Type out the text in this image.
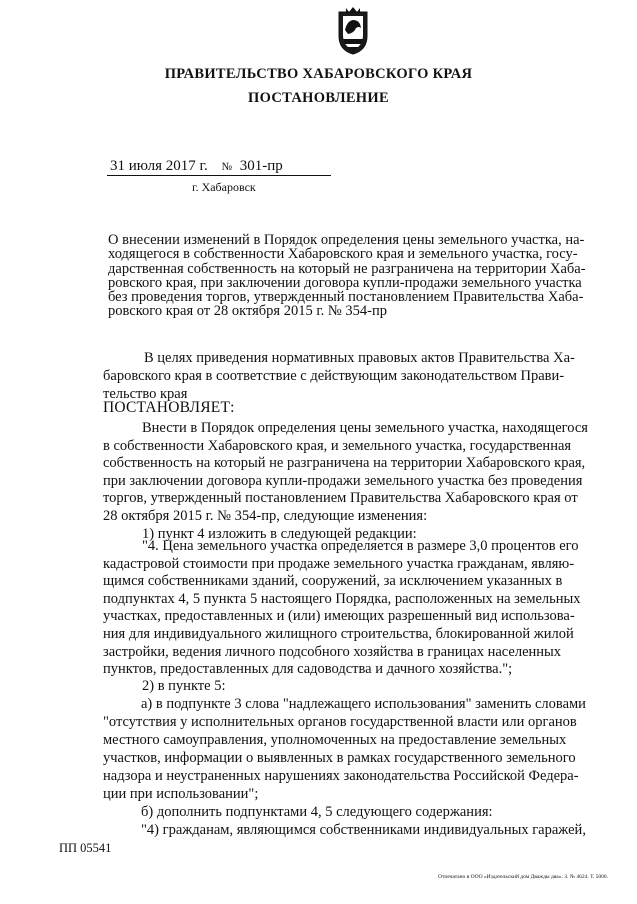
ПРАВИТЕЛЬСТВО ХАБАРОВСКОГО КРАЯ
ПОСТАНОВЛЕНИЕ
31 июля 2017 г. № 301-пр
г. Хабаровск
О внесении изменений в Порядок определения цены земельного участка, на-
ходящегося в собственности Хабаровского края и земельного участка, госу-
дарственная собственность на который не разграничена на территории Хаба-
ровского края, при заключении договора купли-продажи земельного участка
без проведения торгов, утвержденный постановлением Правительства Хаба-
ровского края от 28 октября 2015 г. № 354-пр
В целях приведения нормативных правовых актов Правительства Ха-
баровского края в соответствие с действующим законодательством Прави-
тельство края
ПОСТАНОВЛЯЕТ:
Внести в Порядок определения цены земельного участка, находящегося
в собственности Хабаровского края, и земельного участка, государственная
собственность на который не разграничена на территории Хабаровского края,
при заключении договора купли-продажи земельного участка без проведения
торгов, утвержденный постановлением Правительства Хабаровского края от
28 октября 2015 г. № 354-пр, следующие изменения:
1) пункт 4 изложить в следующей редакции:
"4. Цена земельного участка определяется в размере 3,0 процентов его
кадастровой стоимости при продаже земельного участка гражданам, являю-
щимся собственниками зданий, сооружений, за исключением указанных в
подпунктах 4, 5 пункта 5 настоящего Порядка, расположенных на земельных
участках, предоставленных и (или) имеющих разрешенный вид использова-
ния для индивидуального жилищного строительства, блокированной жилой
застройки, ведения личного подсобного хозяйства в границах населенных
пунктов, предоставленных для садоводства и дачного хозяйства.";
2) в пункте 5:
а) в подпункте 3 слова "надлежащего использования" заменить словами
"отсутствия у исполнительных органов государственной власти или органов
местного самоуправления, уполномоченных на предоставление земельных
участков, информации о выявленных в рамках государственного земельного
надзора и неустраненных нарушениях законодательства Российской Федера-
ции при использовании";
б) дополнить подпунктами 4, 5 следующего содержания:
"4) гражданам, являющимся собственниками индивидуальных гаражей,
ПП 05541
Отпечатано в ООО «Издательский дом Дважды два». З. № 4624. Т. 5000.
